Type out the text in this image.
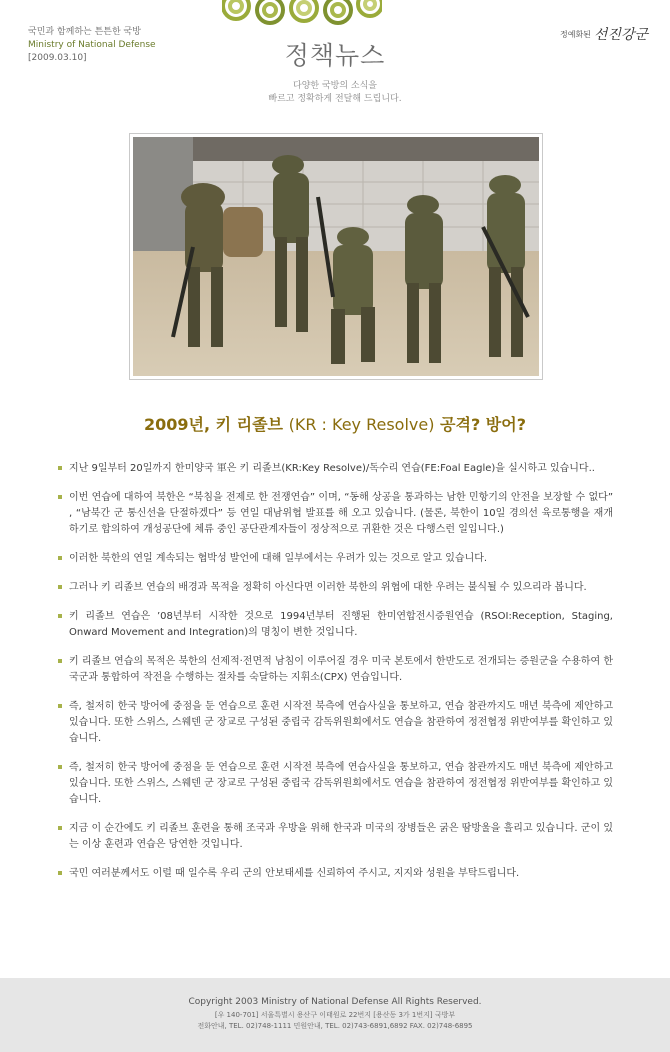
국민과 함께하는 튼튼한 국방
Ministry of National Defense
[2009.03.10]	정책뉴스
다양한 국방의 소식을
빠르고 정확하게 전달해 드립니다.
정예화된 선진강군
2009년, 키 리졸브 (KR : Key Resolve) 공격? 방어?
지난 9일부터 20일까지 한미양국 軍은 키 리졸브(KR:Key Resolve)/독수리 연습(FE:Foal Eagle)을 실시하고 있습니다..
이번 연습에 대하여 북한은 “북침을 전제로 한 전쟁연습” 이며, “동해 상공을 통과하는 남한 민항기의 안전을 보장할 수 없다” , “남북간 군 통신선을 단절하겠다” 등 연일 대남위협 발표를 해 오고 있습니다. (물론, 북한이 10일 경의선 육로통행을 재개하기로 합의하여 개성공단에 체류 중인 공단관계자들이 정상적으로 귀환한 것은 다행스런 일입니다.)
이러한 북한의 연일 계속되는 협박성 발언에 대해 일부에서는 우려가 있는 것으로 알고 있습니다.
그러나 키 리졸브 연습의 배경과 목적을 정확히 아신다면 이러한 북한의 위협에 대한 우려는 불식될 수 있으리라 봅니다.
키 리졸브 연습은 ’08년부터 시작한 것으로 1994년부터 진행된 한미연합전시증원연습 (RSOI:Reception, Staging, Onward Movement and Integration)의 명칭이 변한 것입니다.
키 리졸브 연습의 목적은 북한의 선제적·전면적 남침이 이루어질 경우 미국 본토에서 한반도로 전개되는 증원군을 수용하여 한국군과 통합하여 작전을 수행하는 절차를 숙달하는 지휘소(CPX) 연습입니다.
즉, 철저히 한국 방어에 중점을 둔 연습으로 훈련 시작전 북측에 연습사실을 통보하고, 연습 참관까지도 매년 북측에 제안하고 있습니다. 또한 스위스, 스웨덴 군 장교로 구성된 중립국 감독위원회에서도 연습을 참관하여 정전협정 위반여부를 확인하고 있습니다.
즉, 철저히 한국 방어에 중점을 둔 연습으로 훈련 시작전 북측에 연습사실을 통보하고, 연습 참관까지도 매년 북측에 제안하고 있습니다. 또한 스위스, 스웨덴 군 장교로 구성된 중립국 감독위원회에서도 연습을 참관하여 정전협정 위반여부를 확인하고 있습니다.
지금 이 순간에도 키 리졸브 훈련을 통해 조국과 우방을 위해 한국과 미국의 장병들은 굵은 땀방울을 흘리고 있습니다. 군이 있는 이상 훈련과 연습은 당연한 것입니다.
국민 여러분께서도 이럴 때 일수록 우리 군의 안보태세를 신뢰하여 주시고, 지지와 성원을 부탁드립니다.
Copyright 2003 Ministry of National Defense All Rights Reserved.
[우 140-701] 서울특별시 용산구 이태원로 22번지 [용산동 3가 1번지] 국방부
전화안내, TEL. 02)748-1111 민원안내, TEL. 02)743-6891,6892 FAX. 02)748-6895
